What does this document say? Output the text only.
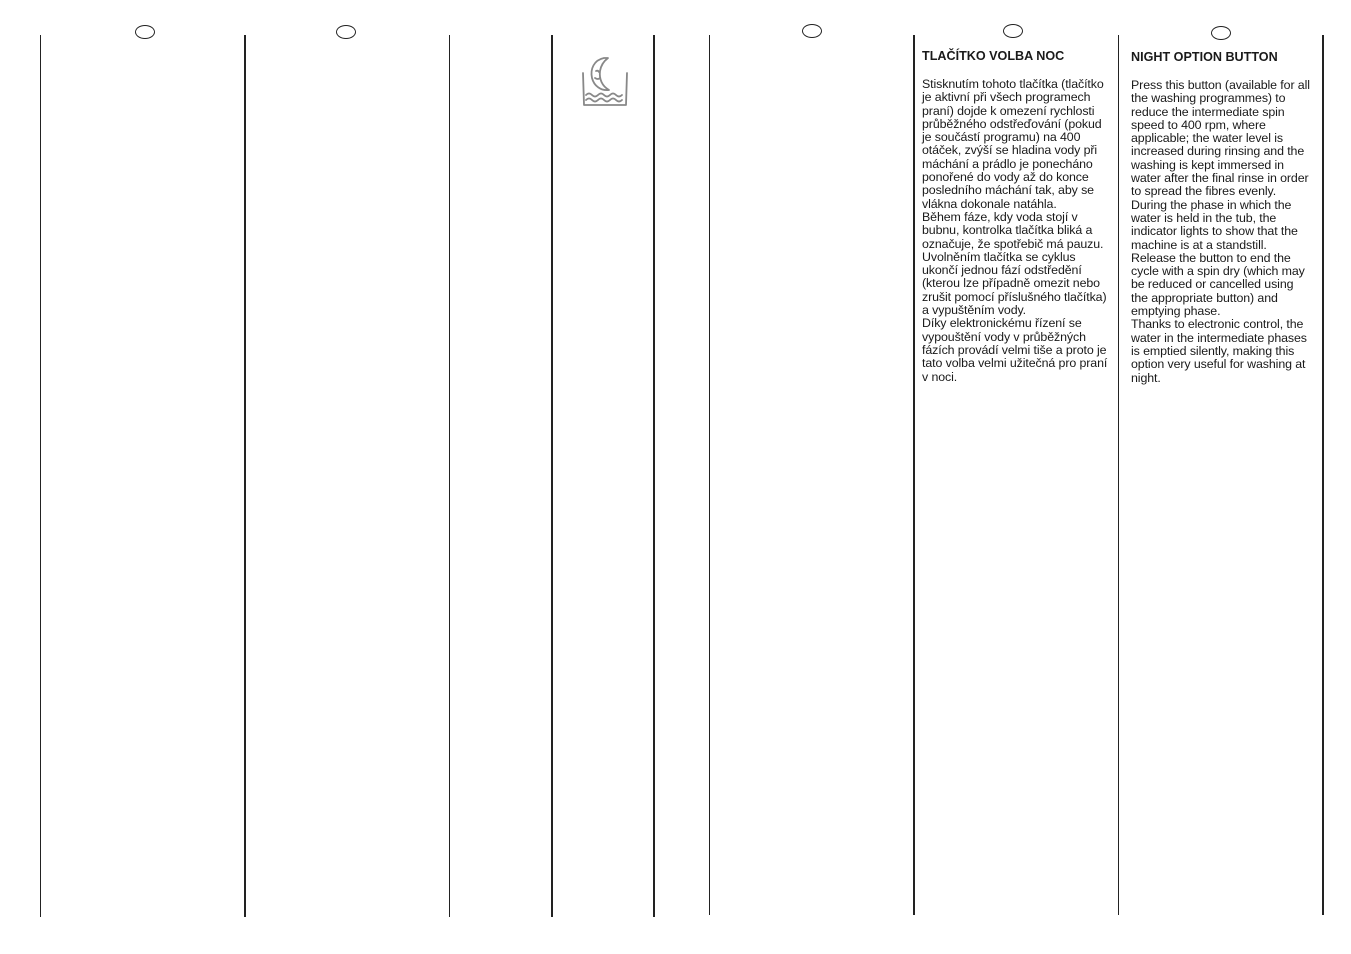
TLAČÍTKO VOLBA NOC

Stisknutím tohoto tlačítka (tlačítko je aktivní při všech programech praní) dojde k omezení rychlosti průběžného odstřeďování (pokud je součástí programu) na 400 otáček, zvýší se hladina vody při máchání a prádlo je ponecháno ponořené do vody až do konce posledního máchání tak, aby se vlákna dokonale natáhla.

Během fáze, kdy voda stojí v bubnu, kontrolka tlačítka bliká a označuje, že spotřebič má pauzu.

Uvolněním tlačítka se cyklus ukončí jednou fází odstředění (kterou lze případně omezit nebo zrušit pomocí příslušného tlačítka) a vypuštěním vody.

Díky elektronickému řízení se vypouštění vody v průběžných fázích provádí velmi tiše a proto je tato volba velmi užitečná pro praní v noci.

NIGHT OPTION BUTTON

Press this button (available for all the washing programmes) to reduce the intermediate spin speed to 400 rpm, where applicable; the water level is increased during rinsing and the washing is kept immersed in water after the final rinse in order to spread the fibres evenly.

During the phase in which the water is held in the tub, the indicator lights to show that the machine is at a standstill.

Release the button to end the cycle with a spin dry (which may be reduced or cancelled using the appropriate button) and emptying phase.

Thanks to electronic control, the water in the intermediate phases is emptied silently, making this option very useful for washing at night.
